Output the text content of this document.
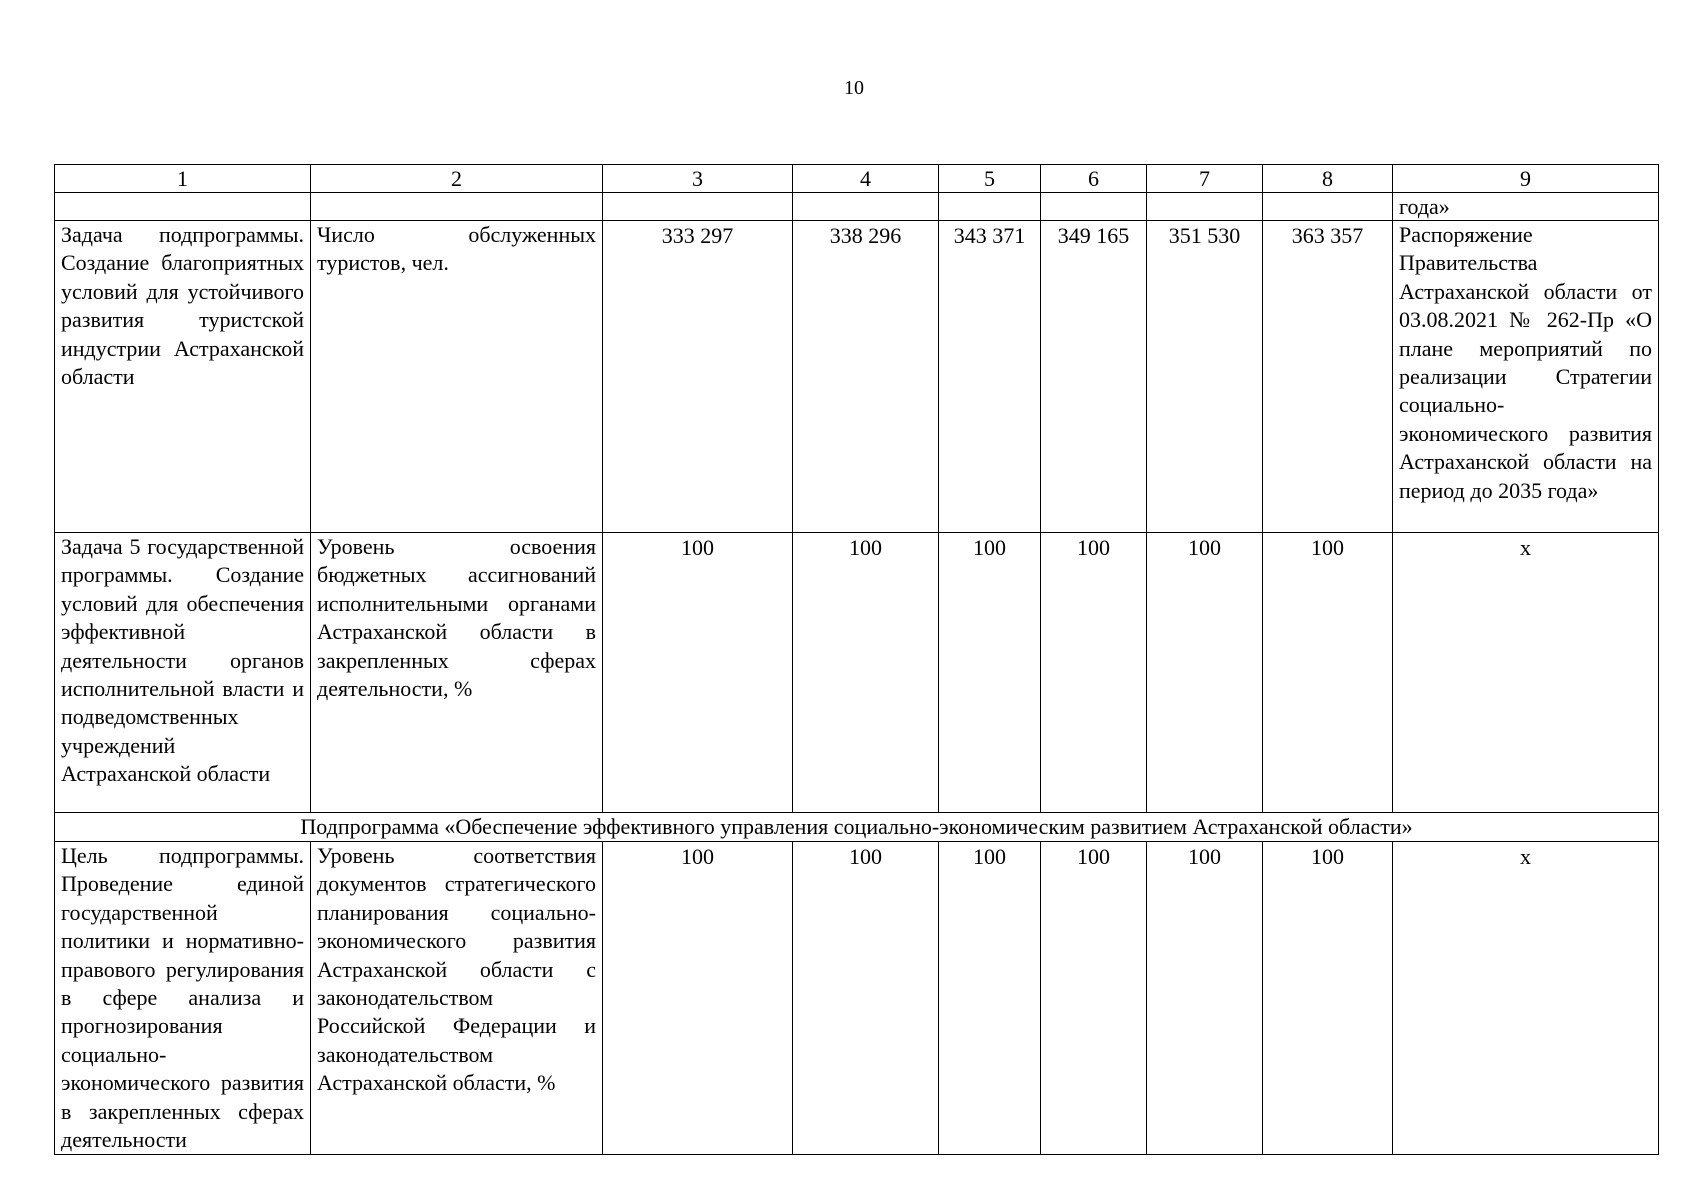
10
1	2	3	4	5	6	7	8	9
								года»
Задача подпрограммы. Создание благоприятных условий для устойчивого развития туристской индустрии Астраханской области	Число обслуженных туристов, чел.	333 297	338 296	343 371	349 165	351 530	363 357	Распоряжение Правительства Астраханской области от 03.08.2021 № 262-Пр «О плане мероприятий по реализации Стратегии социально-экономического развития Астраханской области на период до 2035 года»
Задача 5 государственной программы. Создание условий для обеспечения эффективной деятельности органов исполнительной власти и подведомственных учреждений Астраханской области	Уровень освоения бюджетных ассигнований исполнительными органами Астраханской области в закрепленных сферах деятельности, %	100	100	100	100	100	100	x
Подпрограмма «Обеспечение эффективного управления социально-экономическим развитием Астраханской области»								
Цель подпрограммы. Проведение единой государственной политики и нормативно-правового регулирования в сфере анализа и прогнозирования социально-экономического развития в закрепленных сферах деятельности	Уровень соответствия документов стратегического планирования социально-экономического развития Астраханской области с законодательством Российской Федерации и законодательством Астраханской области, %	100	100	100	100	100	100	x
